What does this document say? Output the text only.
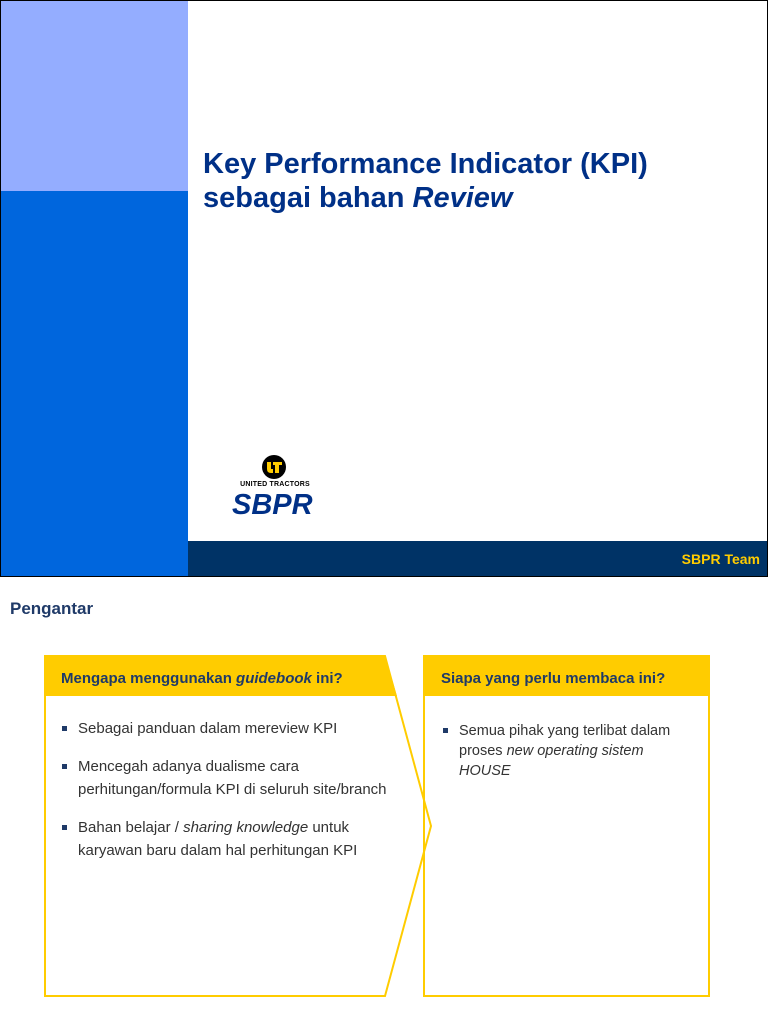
Key Performance Indicator (KPI)
sebagai bahan Review
UNITED TRACTORS
SBPR
SBPR Team
Pengantar
Mengapa menggunakan guidebook ini?	Siapa yang perlu membaca ini?
Sebagai panduan dalam mereview KPI
Mencegah adanya dualisme cara perhitungan/formula KPI di seluruh site/branch
Bahan belajar / sharing knowledge untuk karyawan baru dalam hal perhitungan KPI
Semua pihak yang terlibat dalam proses new operating sistem HOUSE
